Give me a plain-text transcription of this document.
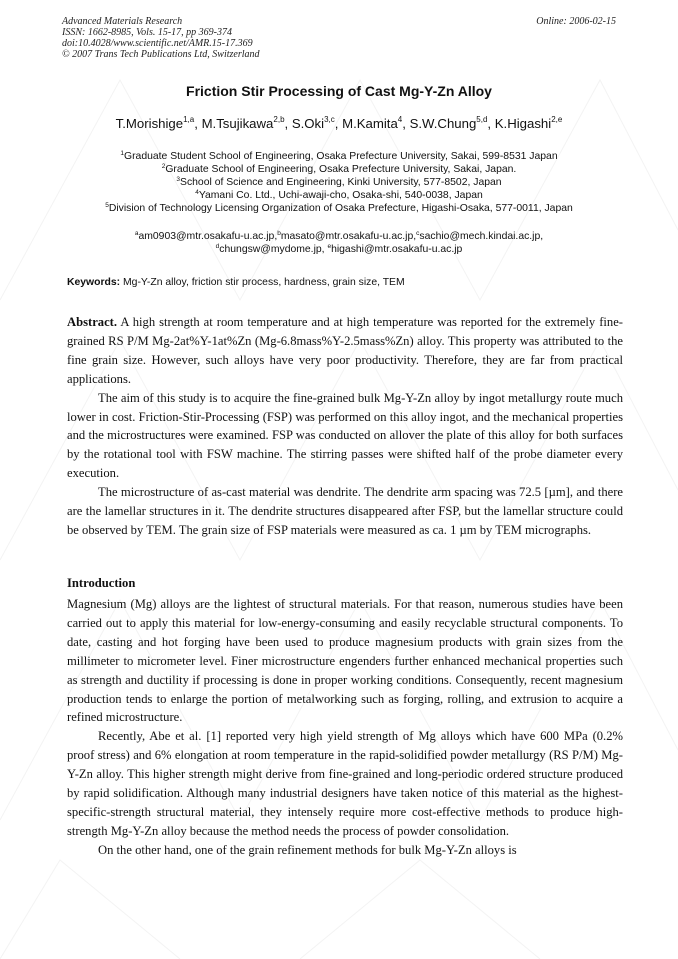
Advanced Materials Research
ISSN: 1662-8985, Vols. 15-17, pp 369-374
doi:10.4028/www.scientific.net/AMR.15-17.369
© 2007 Trans Tech Publications Ltd, Switzerland
Online: 2006-02-15
Friction Stir Processing of Cast Mg-Y-Zn Alloy
T.Morishige$^{1,a}$, M.Tsujikawa$^{2,b}$, S.Oki$^{3,c}$, M.Kamita$^4$, S.W.Chung$^{5,d}$, K.Higashi$^{2,e}$
$^1$Graduate Student School of Engineering, Osaka Prefecture University, Sakai, 599-8531 Japan
$^2$Graduate School of Engineering, Osaka Prefecture University, Sakai, Japan.
$^3$School of Science and Engineering, Kinki University, 577-8502, Japan
$^4$Yamani Co. Ltd., Uchi-awaji-cho, Osaka-shi, 540-0038, Japan
$^5$Division of Technology Licensing Organization of Osaka Prefecture, Higashi-Osaka, 577-0011, Japan
$^a$am0903@mtr.osakafu-u.ac.jp,$^b$masato@mtr.osakafu-u.ac.jp,$^c$sachio@mech.kindai.ac.jp,
$^d$chungsw@mydome.jp, $^e$higashi@mtr.osakafu-u.ac.jp
Keywords: Mg-Y-Zn alloy, friction stir process, hardness, grain size, TEM

Abstract. A high strength at room temperature and at high temperature was reported for the extremely fine-grained RS P/M Mg-2at%Y-1at%Zn (Mg-6.8mass%Y-2.5mass%Zn) alloy. This property was attributed to the fine grain size. However, such alloys have very poor productivity. Therefore, they are far from practical applications.

The aim of this study is to acquire the fine-grained bulk Mg-Y-Zn alloy by ingot metallurgy route much lower in cost. Friction-Stir-Processing (FSP) was performed on this alloy ingot, and the mechanical properties and the microstructures were examined. FSP was conducted on allover the plate of this alloy for both surfaces by the rotational tool with FSW machine. The stirring passes were shifted half of the probe diameter every execution.

The microstructure of as-cast material was dendrite. The dendrite arm spacing was 72.5 [µm], and there are the lamellar structures in it. The dendrite structures disappeared after FSP, but the lamellar structure could be observed by TEM. The grain size of FSP materials were measured as ca. 1 µm by TEM micrographs.

Introduction

Magnesium (Mg) alloys are the lightest of structural materials. For that reason, numerous studies have been carried out to apply this material for low-energy-consuming and easily recyclable structural components. To date, casting and hot forging have been used to produce magnesium products with grain sizes from the millimeter to micrometer level. Finer microstructure engenders further enhanced mechanical properties such as strength and ductility if processing is done in proper working conditions. Consequently, recent magnesium production tends to enlarge the portion of metalworking such as forging, rolling, and extrusion to acquire a refined microstructure.

Recently, Abe et al. [1] reported very high yield strength of Mg alloys which have 600 MPa (0.2% proof stress) and 6% elongation at room temperature in the rapid-solidified powder metallurgy (RS P/M) Mg-Y-Zn alloy. This higher strength might derive from fine-grained and long-periodic ordered structure produced by rapid solidification. Although many industrial designers have taken notice of this material as the highest-specific-strength structural material, they intensely require more cost-effective methods to produce high-strength Mg-Y-Zn alloy because the method needs the process of powder consolidation.

On the other hand, one of the grain refinement methods for bulk Mg-Y-Zn alloys is
